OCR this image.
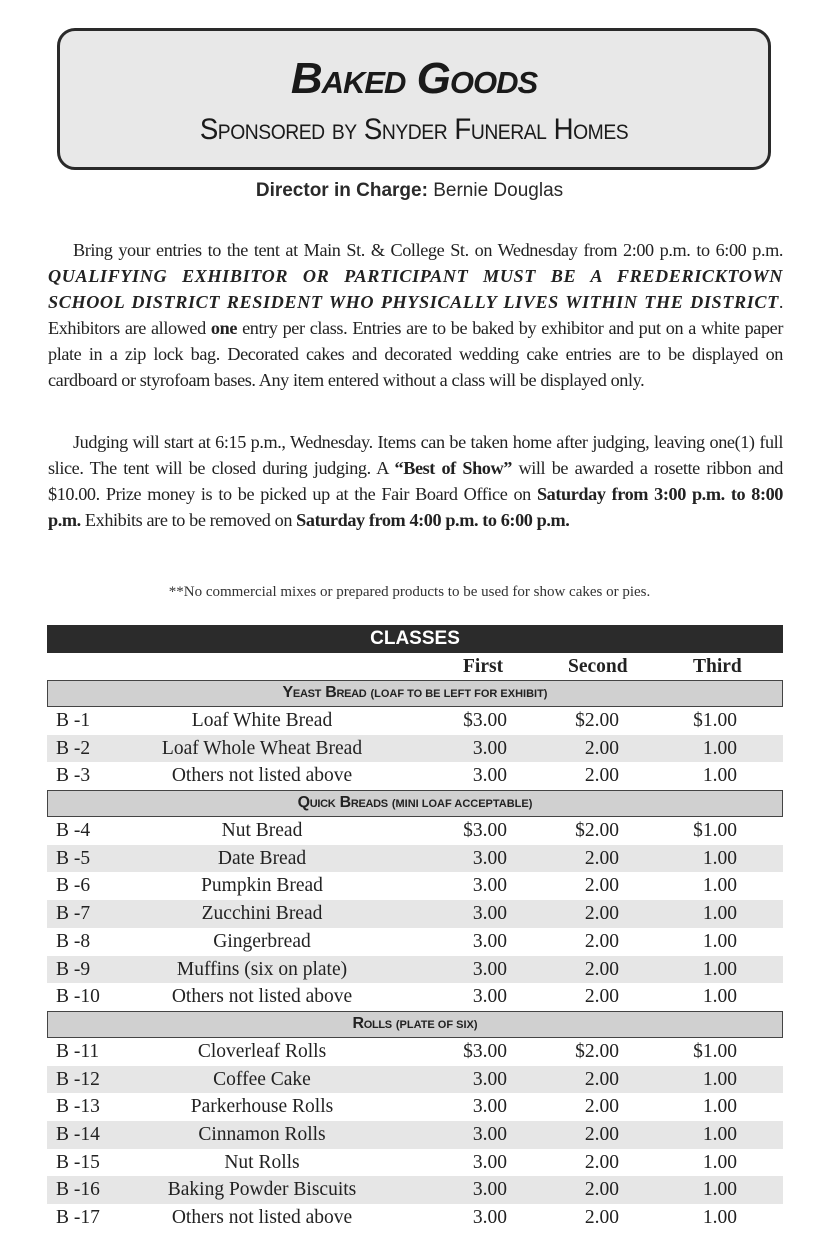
Baked Goods
Sponsored by Snyder Funeral Homes
Director in Charge: Bernie Douglas
Bring your entries to the tent at Main St. & College St. on Wednesday from 2:00 p.m. to 6:00 p.m. QUALIFYING EXHIBITOR OR PARTICIPANT MUST BE A FREDERICKTOWN SCHOOL DISTRICT RESIDENT WHO PHYSICALLY LIVES WITHIN THE DISTRICT. Exhibitors are allowed one entry per class. Entries are to be baked by exhibitor and put on a white paper plate in a zip lock bag. Decorated cakes and decorated wedding cake entries are to be displayed on cardboard or styrofoam bases. Any item entered without a class will be displayed only.
Judging will start at 6:15 p.m., Wednesday. Items can be taken home after judging, leaving one(1) full slice. The tent will be closed during judging. A “Best of Show” will be awarded a rosette ribbon and $10.00. Prize money is to be picked up at the Fair Board Office on Saturday from 3:00 p.m. to 8:00 p.m. Exhibits are to be removed on Saturday from 4:00 p.m. to 6:00 p.m.
**No commercial mixes or prepared products to be used for show cakes or pies.
CLASSES
First	Second	Third
Yeast Bread (LOAF TO BE LEFT FOR EXHIBIT)
B -1	Loaf White Bread	$3.00	$2.00	$1.00
B -2	Loaf Whole Wheat Bread	3.00	2.00	1.00
B -3	Others not listed above	3.00	2.00	1.00
Quick Breads (MINI LOAF ACCEPTABLE)
B -4	Nut Bread	$3.00	$2.00	$1.00
B -5	Date Bread	3.00	2.00	1.00
B -6	Pumpkin Bread	3.00	2.00	1.00
B -7	Zucchini Bread	3.00	2.00	1.00
B -8	Gingerbread	3.00	2.00	1.00
B -9	Muffins (six on plate)	3.00	2.00	1.00
B -10	Others not listed above	3.00	2.00	1.00
Rolls (PLATE OF SIX)
B -11	Cloverleaf Rolls	$3.00	$2.00	$1.00
B -12	Coffee Cake	3.00	2.00	1.00
B -13	Parkerhouse Rolls	3.00	2.00	1.00
B -14	Cinnamon Rolls	3.00	2.00	1.00
B -15	Nut Rolls	3.00	2.00	1.00
B -16	Baking Powder Biscuits	3.00	2.00	1.00
B -17	Others not listed above	3.00	2.00	1.00
